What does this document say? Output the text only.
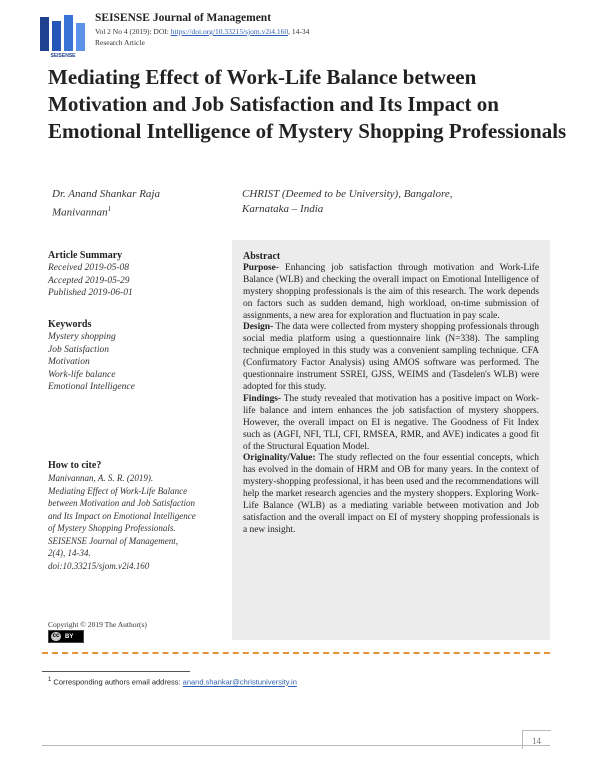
SEISENSE
SEISENSE Journal of Management
Vol 2 No 4 (2019): DOI: https://doi.org/10.33215/sjom.v2i4.160, 14-34
Research Article
Mediating Effect of Work-Life Balance between Motivation and Job Satisfaction and Its Impact on Emotional Intelligence of Mystery Shopping Professionals
Dr. Anand Shankar Raja
Manivannan$^1$
CHRIST (Deemed to be University), Bangalore,
Karnataka – India
Article Summary
Received 2019-05-08
Accepted 2019-05-29
Published 2019-06-01
Keywords
Mystery shopping
Job Satisfaction
Motivation
Work-life balance
Emotional Intelligence
How to cite?
Manivannan, A. S. R. (2019).
Mediating Effect of Work-Life Balance
between Motivation and Job Satisfaction
and Its Impact on Emotional Intelligence
of Mystery Shopping Professionals.
SEISENSE Journal of Management,
2(4), 14-34.
doi:10.33215/sjom.v2i4.160
Copyright © 2019 The Author(s)
cc BY
Abstract

Purpose- Enhancing job satisfaction through motivation and Work-Life Balance (WLB) and checking the overall impact on Emotional Intelligence of mystery shopping professionals is the aim of this research. The work depends on factors such as sudden demand, high workload, on-time submission of assignments, a new area for exploration and fluctuation in pay scale.

Design- The data were collected from mystery shopping professionals through social media platform using a questionnaire link (N=338). The sampling technique employed in this study was a convenient sampling technique. CFA (Confirmatory Factor Analysis) using AMOS software was performed. The questionnaire instrument SSREI, GJSS, WEIMS and (Tasdelen's WLB) were adopted for this study.

Findings- The study revealed that motivation has a positive impact on Work-life balance and intern enhances the job satisfaction of mystery shoppers. However, the overall impact on EI is negative. The Goodness of Fit Index such as (AGFI, NFI, TLI, CFI, RMSEA, RMR, and AVE) indicates a good fit of the Structural Equation Model.

Originality/Value: The study reflected on the four essential concepts, which has evolved in the domain of HRM and OB for many years. In the context of mystery-shopping professional, it has been used and the recommendations will help the market research agencies and the mystery shoppers. Exploring Work-Life Balance (WLB) as a mediating variable between motivation and Job satisfaction and the overall impact on EI of mystery shopping professionals is a new insight.

$^1$ Corresponding authors email address: anand.shankar@christuniversity.in
14
